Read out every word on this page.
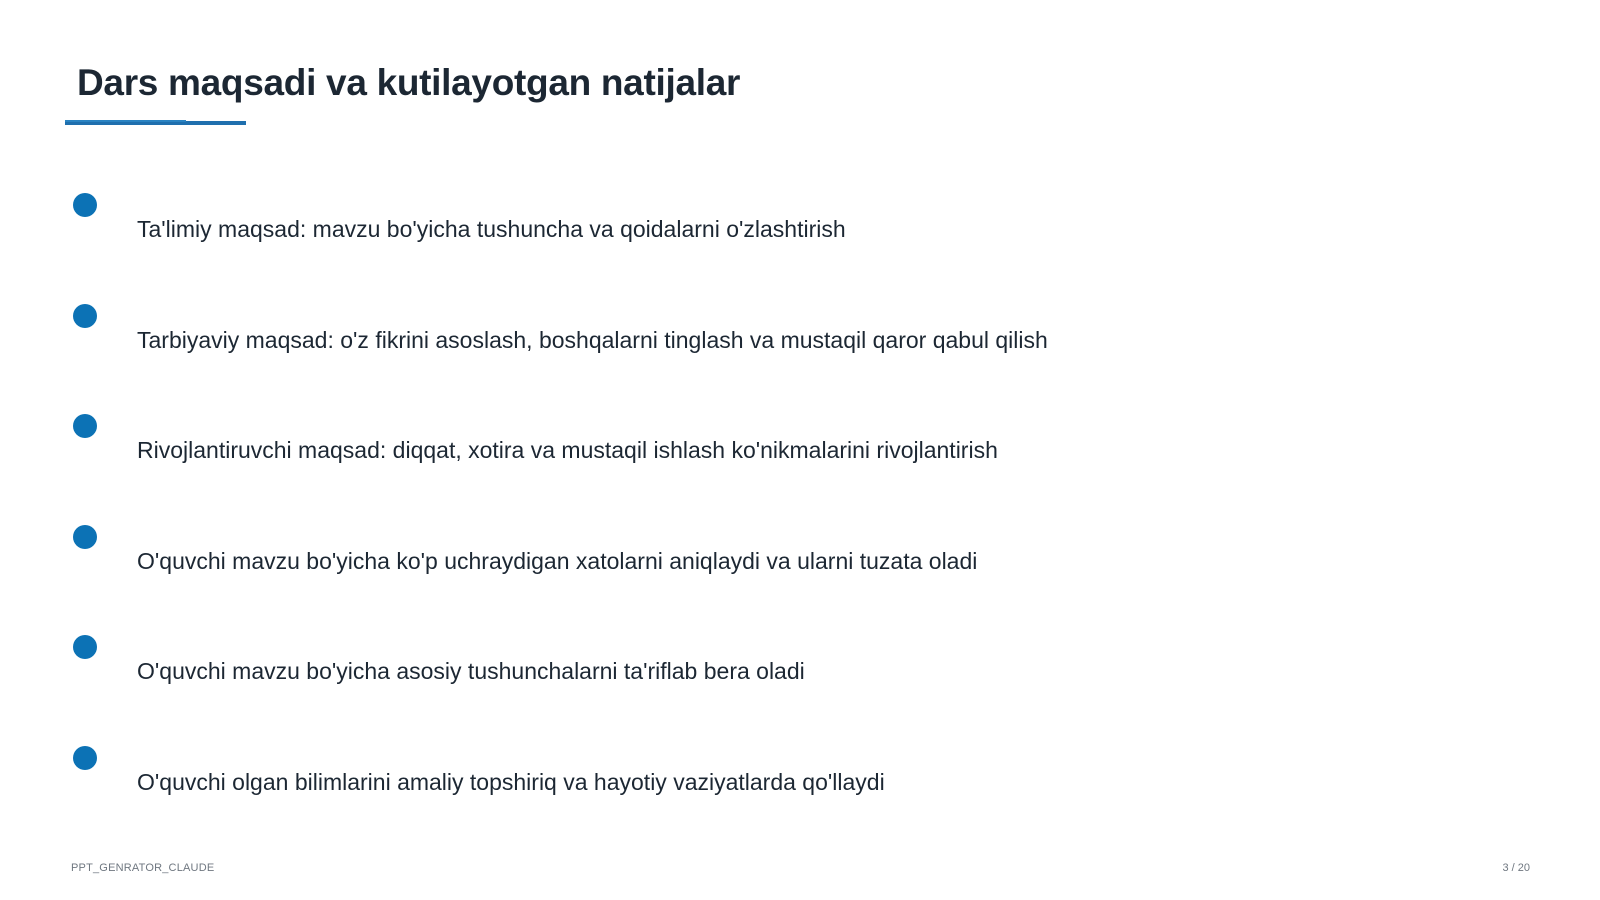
Dars maqsadi va kutilayotgan natijalar
Ta'limiy maqsad: mavzu bo'yicha tushuncha va qoidalarni o'zlashtirish
Tarbiyaviy maqsad: o'z fikrini asoslash, boshqalarni tinglash va mustaqil qaror qabul qilish
Rivojlantiruvchi maqsad: diqqat, xotira va mustaqil ishlash ko'nikmalarini rivojlantirish
O'quvchi mavzu bo'yicha ko'p uchraydigan xatolarni aniqlaydi va ularni tuzata oladi
O'quvchi mavzu bo'yicha asosiy tushunchalarni ta'riflab bera oladi
O'quvchi olgan bilimlarini amaliy topshiriq va hayotiy vaziyatlarda qo'llaydi
PPT_GENRATOR_CLAUDE	3 / 20
